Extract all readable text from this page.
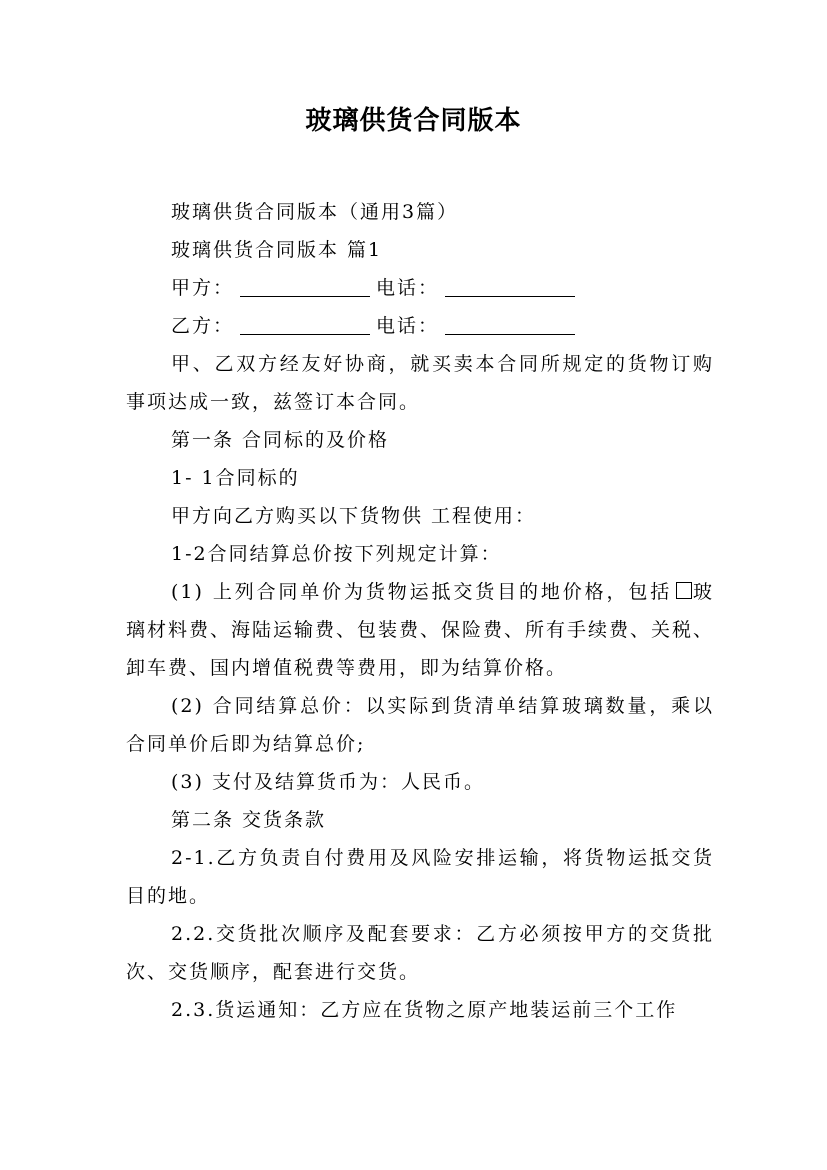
玻璃供货合同版本

玻璃供货合同版本（通用3篇）

玻璃供货合同版本 篇1

甲方：	电话：

乙方：	电话：

甲、乙双方经友好协商，就买卖本合同所规定的货物订购事项达成一致，兹签订本合同。

第一条 合同标的及价格

1- 1合同标的

甲方向乙方购买以下货物供 工程使用：

1-2合同结算总价按下列规定计算：

(1) 上列合同单价为货物运抵交货目的地价格，包括 玻璃材料费、海陆运输费、包装费、保险费、所有手续费、关税、卸车费、国内增值税费等费用，即为结算价格。

(2) 合同结算总价：以实际到货清单结算玻璃数量，乘以合同单价后即为结算总价;

(3) 支付及结算货币为：人民币。

第二条 交货条款

2-1.乙方负责自付费用及风险安排运输，将货物运抵交货目的地。

2.2.交货批次顺序及配套要求：乙方必须按甲方的交货批次、交货顺序，配套进行交货。

2.3.货运通知：乙方应在货物之原产地装运前三个工作
